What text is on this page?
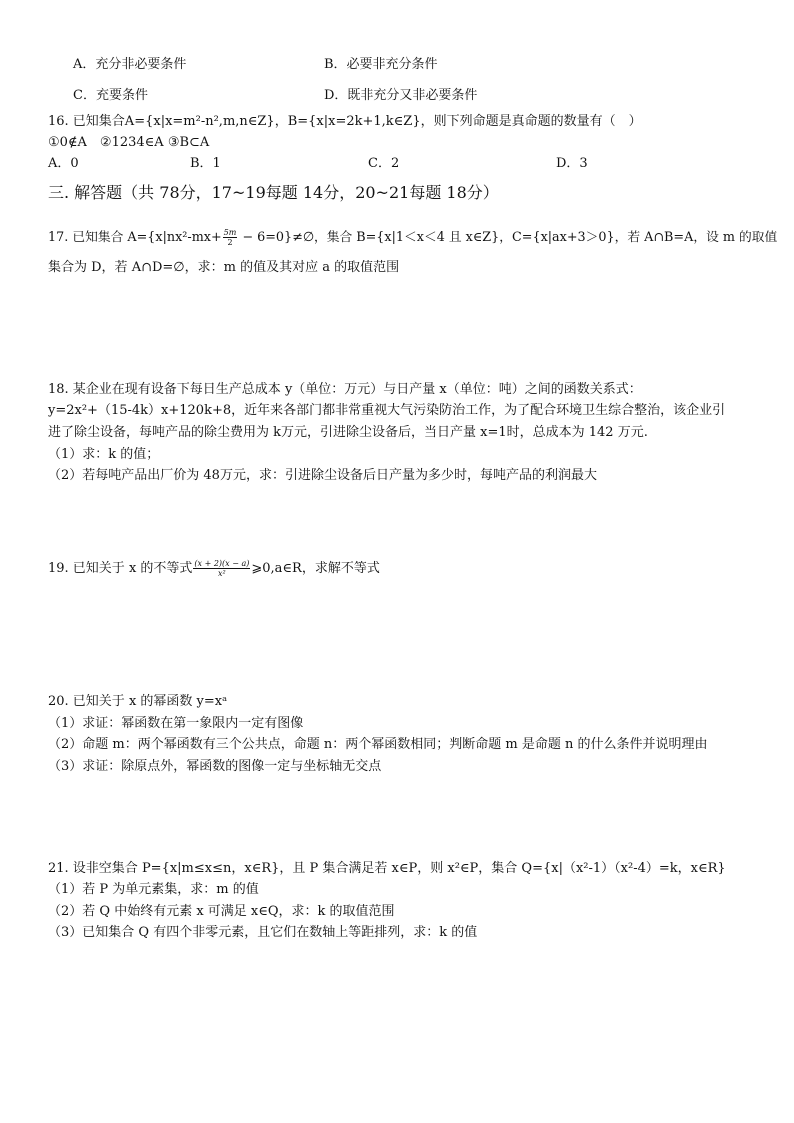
A．充分非必要条件	B．必要非充分条件
C．充要条件	D．既非充分又非必要条件
16. 已知集合A={x|x=m²-n²,m,n∈Z}，B={x|x=2k+1,k∈Z}，则下列命题是真命题的数量有（　）
①0∉A　②1234∈A ③B⊂A
A．0	B．1	C．2	D．3
三. 解答题（共 78分，17~19每题 14分，20~21每题 18分）
17. 已知集合 $A=\{x|nx^2-mx+ \frac{5m}{2}$ − 6=0}≠∅，集合 B={x|1＜x＜4 且 x∈Z}，C={x|ax+3＞0}，若 A∩B=A，设 m 的取值
集合为 D，若 A∩D=∅，求：m 的值及其对应 a 的取值范围
18. 某企业在现有设备下每日生产总成本 y（单位：万元）与日产量 x（单位：吨）之间的函数关系式：
y=2x²+（15-4k）x+120k+8，近年来各部门都非常重视大气污染防治工作，为了配合环境卫生综合整治，该企业引
进了除尘设备，每吨产品的除尘费用为 k万元，引进除尘设备后，当日产量 x=1时，总成本为 142 万元.
（1）求：k 的值；
（2）若每吨产品出厂价为 48万元，求：引进除尘设备后日产量为多少时，每吨产品的利润最大
19. 已知关于 x 的不等式 $\frac{(x + 2)(x - a)}{\text{x²}}$ ⩾0,a∈R，求解不等式
20. 已知关于 x 的幂函数 y=xᵃ
（1）求证：幂函数在第一象限内一定有图像
（2）命题 m：两个幂函数有三个公共点，命题 n：两个幂函数相同；判断命题 m 是命题 n 的什么条件并说明理由
（3）求证：除原点外，幂函数的图像一定与坐标轴无交点
21. 设非空集合 P={x|m≤x≤n，x∈R}，且 P 集合满足若 x∈P，则 x²∈P，集合 Q={x|（x²-1）（x²-4）=k，x∈R}
（1）若 P 为单元素集，求：m 的值
（2）若 Q 中始终有元素 x 可满足 x∈Q，求：k 的取值范围
（3）已知集合 Q 有四个非零元素，且它们在数轴上等距排列，求：k 的值
